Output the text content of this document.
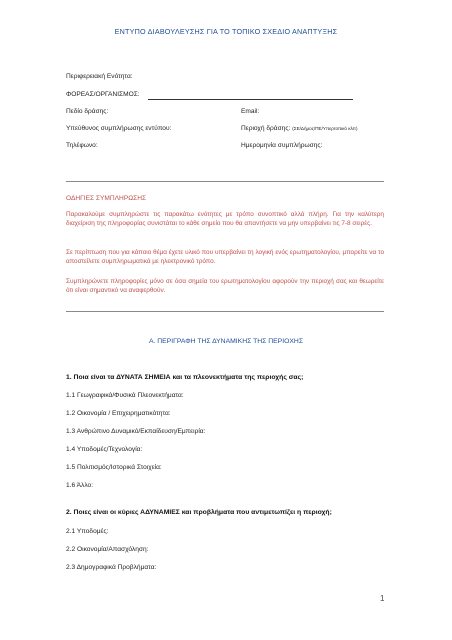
ΕΝΤΥΠΟ ΔΙΑΒΟΥΛΕΥΣΗΣ ΓΙΑ ΤΟ ΤΟΠΙΚΟ ΣΧΕΔΙΟ ΑΝΑΠΤΥΞΗΣ
Περιφερειακή Ενότητα:
ΦΟΡΕΑΣ/ΟΡΓΑΝΙΣΜΟΣ:
Πεδίο δράσης:	Email:
Υπεύθυνος συμπλήρωσης εντύπου:	Περιοχή δράσης: (ΣΕ/Δήμος/ΠΕ/Υπερτοπικό κλπ)
Τηλέφωνο:	Ημερομηνία συμπλήρωσης:
ΟΔΗΓΙΕΣ ΣΥΜΠΛΗΡΩΣΗΣ
Παρακαλούμε συμπληρώστε τις παρακάτω ενότητες με τρόπο συνοπτικό αλλά πλήρη. Για την καλύτερη διαχείριση της πληροφορίας συνιστάται το κάθε σημείο που θα απαντήσετε να μην υπερβαίνει τις 7-8 σειρές.
Σε περίπτωση που για κάποιο θέμα έχετε υλικό που υπερβαίνει τη λογική ενός ερωτηματολογίου, μπορείτε να το αποστείλετε συμπληρωματικά με ηλεκτρονικό τρόπο.
Συμπληρώνετε πληροφορίες μόνο σε όσα σημεία του ερωτηματολογίου αφορούν την περιοχή σας και θεωρείτε ότι είναι σημαντικό να αναφερθούν.
Α. ΠΕΡΙΓΡΑΦΗ ΤΗΣ ΔΥΝΑΜΙΚΗΣ ΤΗΣ ΠΕΡΙΟΧΗΣ
1. Ποια είναι τα ΔΥΝΑΤΑ ΣΗΜΕΙΑ και τα πλεονεκτήματα της περιοχής σας;
1.1 Γεωγραφικά/Φυσικά Πλεονεκτήματα:
1.2 Οικονομία / Επιχειρηματικότητα:
1.3 Ανθρώπινο Δυναμικό/Εκπαίδευση/Εμπειρία:
1.4 Υποδομές/Τεχνολογία:
1.5 Πολιτισμός/Ιστορικά Στοιχεία:
1.6 Άλλο:
2. Ποιες είναι οι κύριες ΑΔΥΝΑΜΙΕΣ και προβλήματα που αντιμετωπίζει η περιοχή;
2.1 Υποδομές:
2.2 Οικονομία/Απασχόληση:
2.3 Δημογραφικά Προβλήματα:
1
